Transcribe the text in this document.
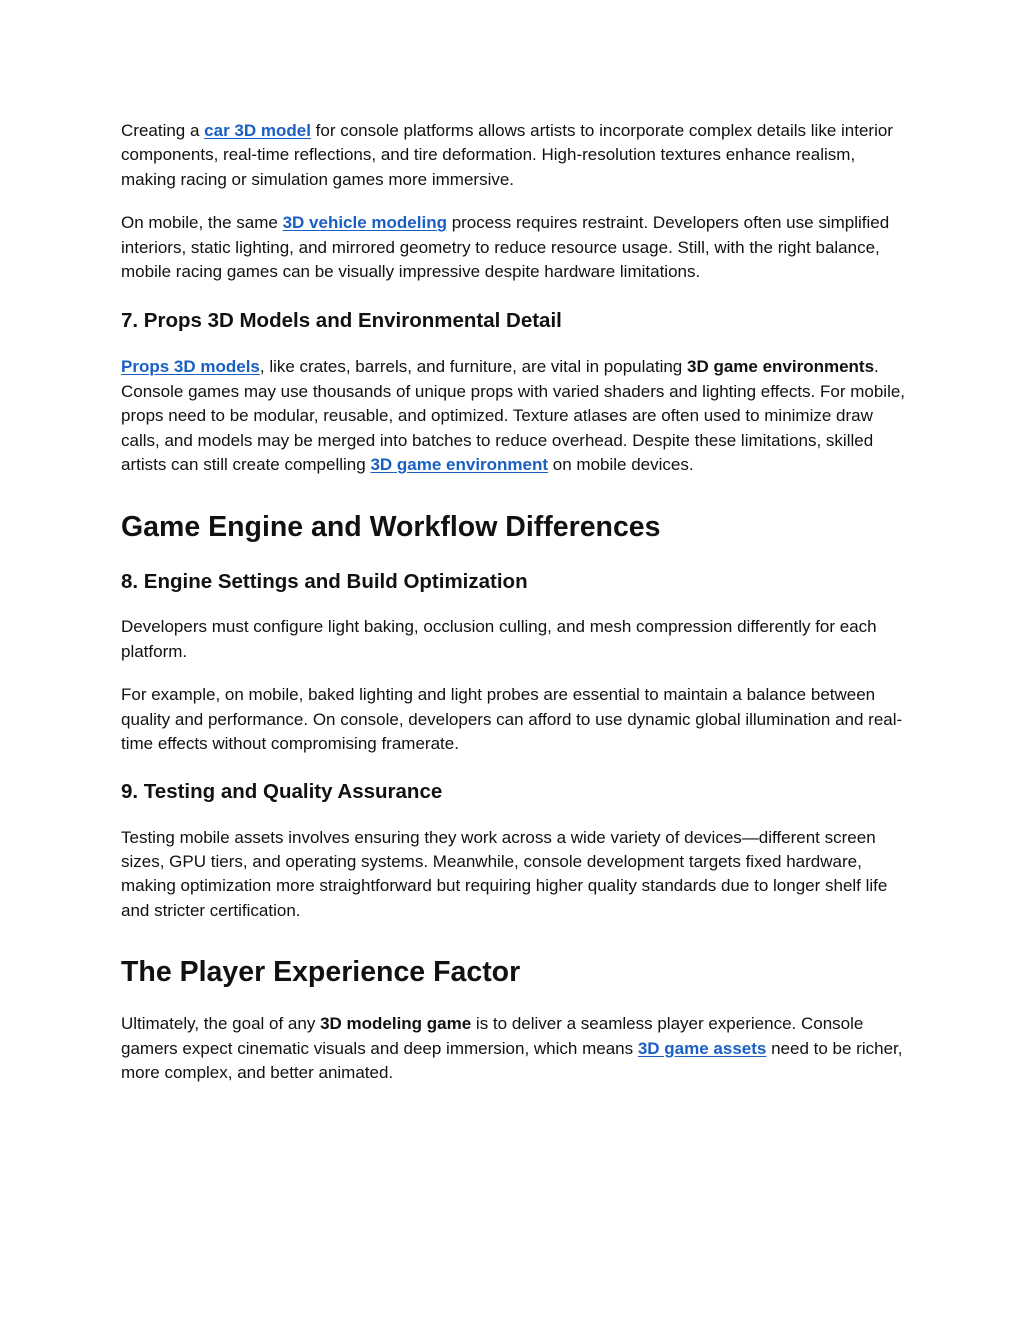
Creating a car 3D model for console platforms allows artists to incorporate complex details like interior components, real-time reflections, and tire deformation. High-resolution textures enhance realism, making racing or simulation games more immersive.

On mobile, the same 3D vehicle modeling process requires restraint. Developers often use simplified interiors, static lighting, and mirrored geometry to reduce resource usage. Still, with the right balance, mobile racing games can be visually impressive despite hardware limitations.

7. Props 3D Models and Environmental Detail

Props 3D models, like crates, barrels, and furniture, are vital in populating 3D game environments. Console games may use thousands of unique props with varied shaders and lighting effects. For mobile, props need to be modular, reusable, and optimized. Texture atlases are often used to minimize draw calls, and models may be merged into batches to reduce overhead. Despite these limitations, skilled artists can still create compelling 3D game environment on mobile devices.

Game Engine and Workflow Differences
8. Engine Settings and Build Optimization

Developers must configure light baking, occlusion culling, and mesh compression differently for each platform.

For example, on mobile, baked lighting and light probes are essential to maintain a balance between quality and performance. On console, developers can afford to use dynamic global illumination and real-time effects without compromising framerate.

9. Testing and Quality Assurance

Testing mobile assets involves ensuring they work across a wide variety of devices—different screen sizes, GPU tiers, and operating systems. Meanwhile, console development targets fixed hardware, making optimization more straightforward but requiring higher quality standards due to longer shelf life and stricter certification.

The Player Experience Factor

Ultimately, the goal of any 3D modeling game is to deliver a seamless player experience. Console gamers expect cinematic visuals and deep immersion, which means 3D game assets need to be richer, more complex, and better animated.
